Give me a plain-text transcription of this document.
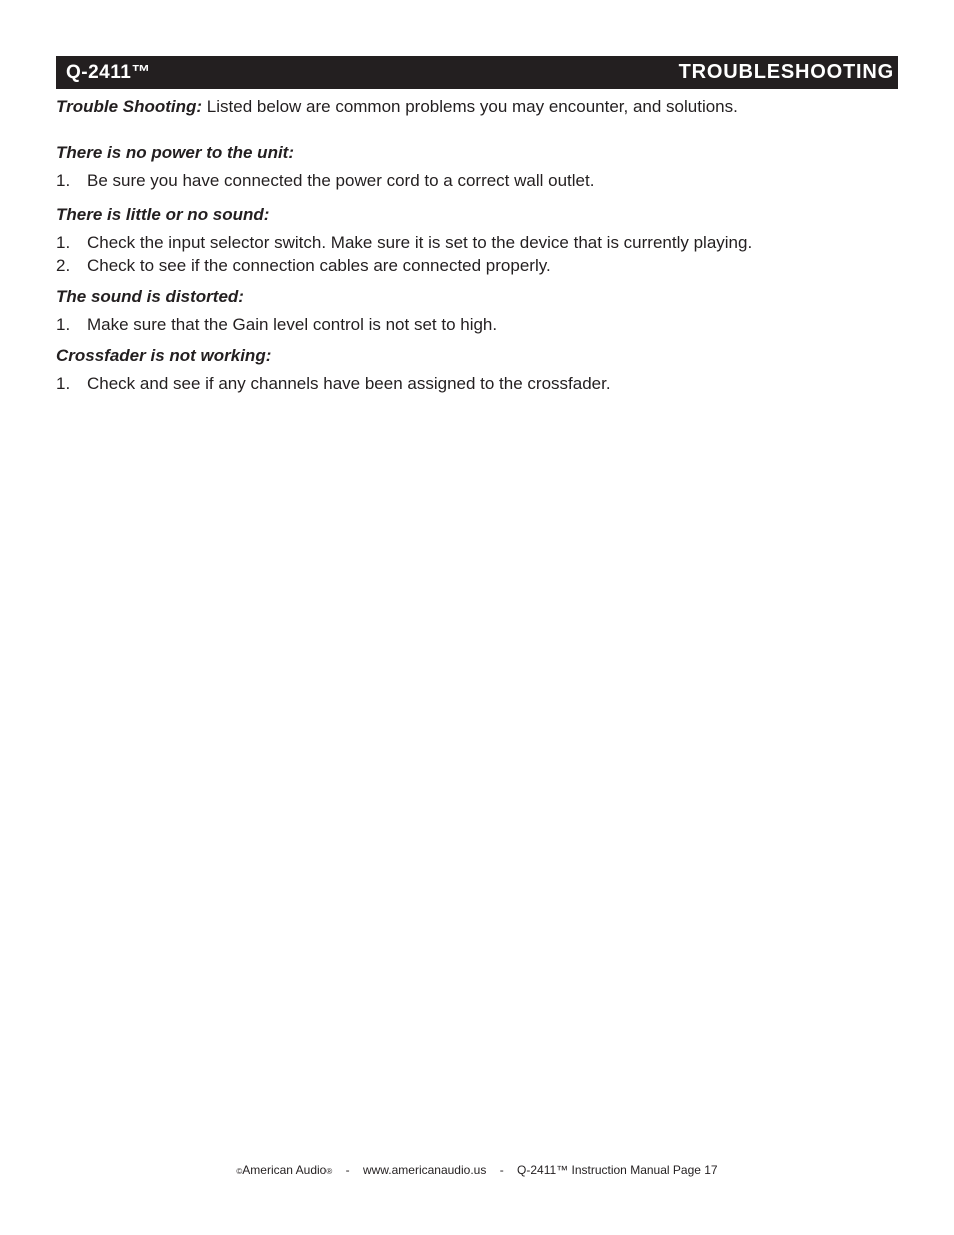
Q-2411™	TROUBLESHOOTING
Trouble Shooting: Listed below are common problems you may encounter, and solutions.
There is no power to the unit:
1. Be sure you have connected the power cord to a correct wall outlet.
There is little or no sound:
1. Check the input selector switch. Make sure it is set to the device that is currently playing.
2. Check to see if the connection cables are connected properly.
The sound is distorted:
1. Make sure that the Gain level control is not set to high.
Crossfader is not working:
1. Check and see if any channels have been assigned to the crossfader.
©American Audio® - www.americanaudio.us - Q-2411™ Instruction Manual Page 17
